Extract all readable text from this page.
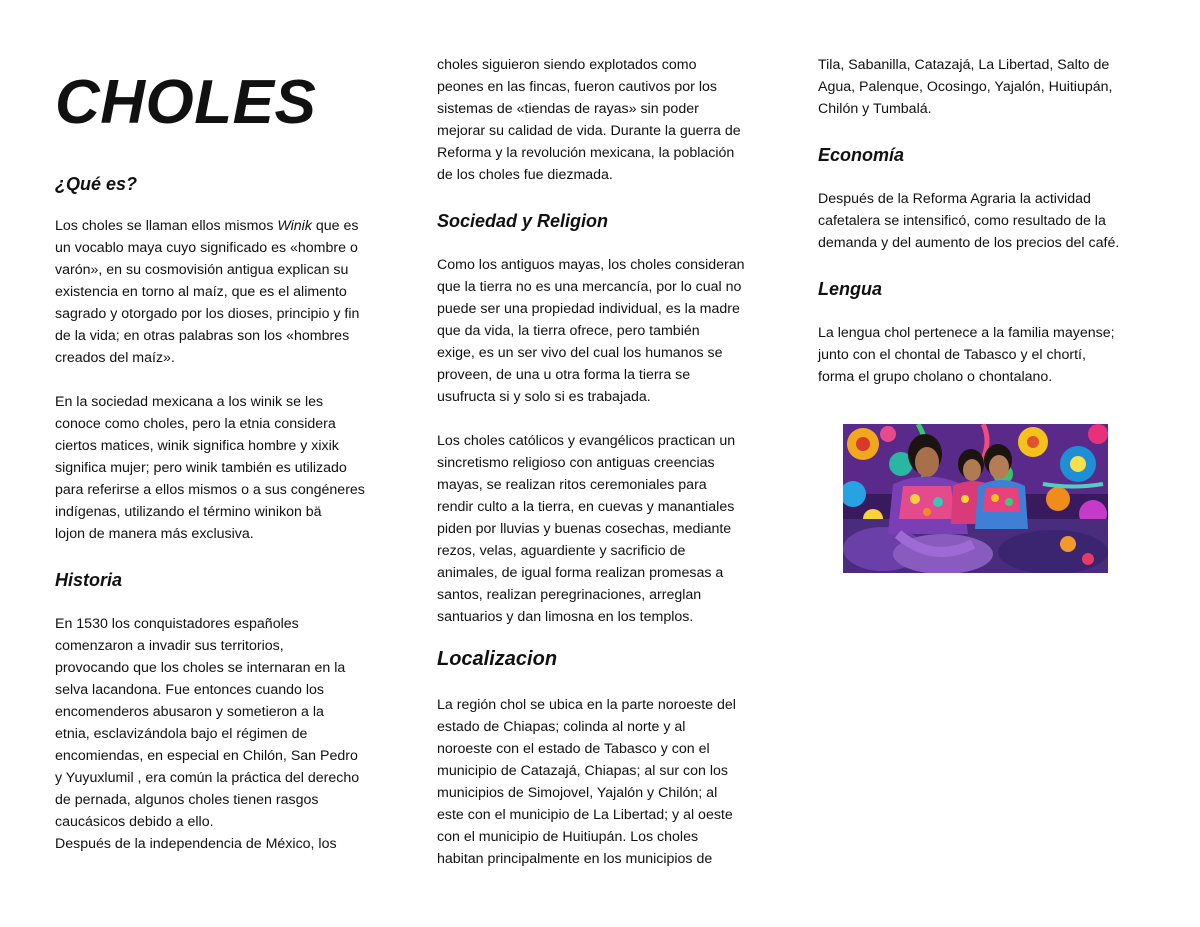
CHOLES
¿Qué es?
Los choles se llaman ellos mismos Winik que es
un vocablo maya cuyo significado es «hombre o
varón», en su cosmovisión antigua explican su
existencia en torno al maíz, que es el alimento
sagrado y otorgado por los dioses, principio y fin
de la vida; en otras palabras son los «hombres
creados del maíz».
En la sociedad mexicana a los winik se les
conoce como choles, pero la etnia considera
ciertos matices, winik significa hombre y xixik
significa mujer; pero winik también es utilizado
para referirse a ellos mismos o a sus congéneres
indígenas, utilizando el término winikon bä
lojon de manera más exclusiva.
Historia
En 1530 los conquistadores españoles
comenzaron a invadir sus territorios,
provocando que los choles se internaran en la
selva lacandona. Fue entonces cuando los
encomenderos abusaron y sometieron a la
etnia, esclavizándola bajo el régimen de
encomiendas, en especial en Chilón, San Pedro
y Yuyuxlumil , era común la práctica del derecho
de pernada, algunos choles tienen rasgos
caucásicos debido a ello.
Después de la independencia de México, los
choles siguieron siendo explotados como
peones en las fincas, fueron cautivos por los
sistemas de «tiendas de rayas» sin poder
mejorar su calidad de vida. Durante la guerra de
Reforma y la revolución mexicana, la población
de los choles fue diezmada.
Sociedad y Religion
Como los antiguos mayas, los choles consideran
que la tierra no es una mercancía, por lo cual no
puede ser una propiedad individual, es la madre
que da vida, la tierra ofrece, pero también
exige, es un ser vivo del cual los humanos se
proveen, de una u otra forma la tierra se
usufructa si y solo si es trabajada.
Los choles católicos y evangélicos practican un
sincretismo religioso con antiguas creencias
mayas, se realizan ritos ceremoniales para
rendir culto a la tierra, en cuevas y manantiales
piden por lluvias y buenas cosechas, mediante
rezos, velas, aguardiente y sacrificio de
animales, de igual forma realizan promesas a
santos, realizan peregrinaciones, arreglan
santuarios y dan limosna en los templos.
Localizacion
La región chol se ubica en la parte noroeste del
estado de Chiapas; colinda al norte y al
noroeste con el estado de Tabasco y con el
municipio de Catazajá, Chiapas; al sur con los
municipios de Simojovel, Yajalón y Chilón; al
este con el municipio de La Libertad; y al oeste
con el municipio de Huitiupán. Los choles
habitan principalmente en los municipios de
Tila, Sabanilla, Catazajá, La Libertad, Salto de
Agua, Palenque, Ocosingo, Yajalón, Huitiupán,
Chilón y Tumbalá.
Economía
Después de la Reforma Agraria la actividad
cafetalera se intensificó, como resultado de la
demanda y del aumento de los precios del café.
Lengua
La lengua chol pertenece a la familia mayense;
junto con el chontal de Tabasco y el chortí,
forma el grupo cholano o chontalano.
